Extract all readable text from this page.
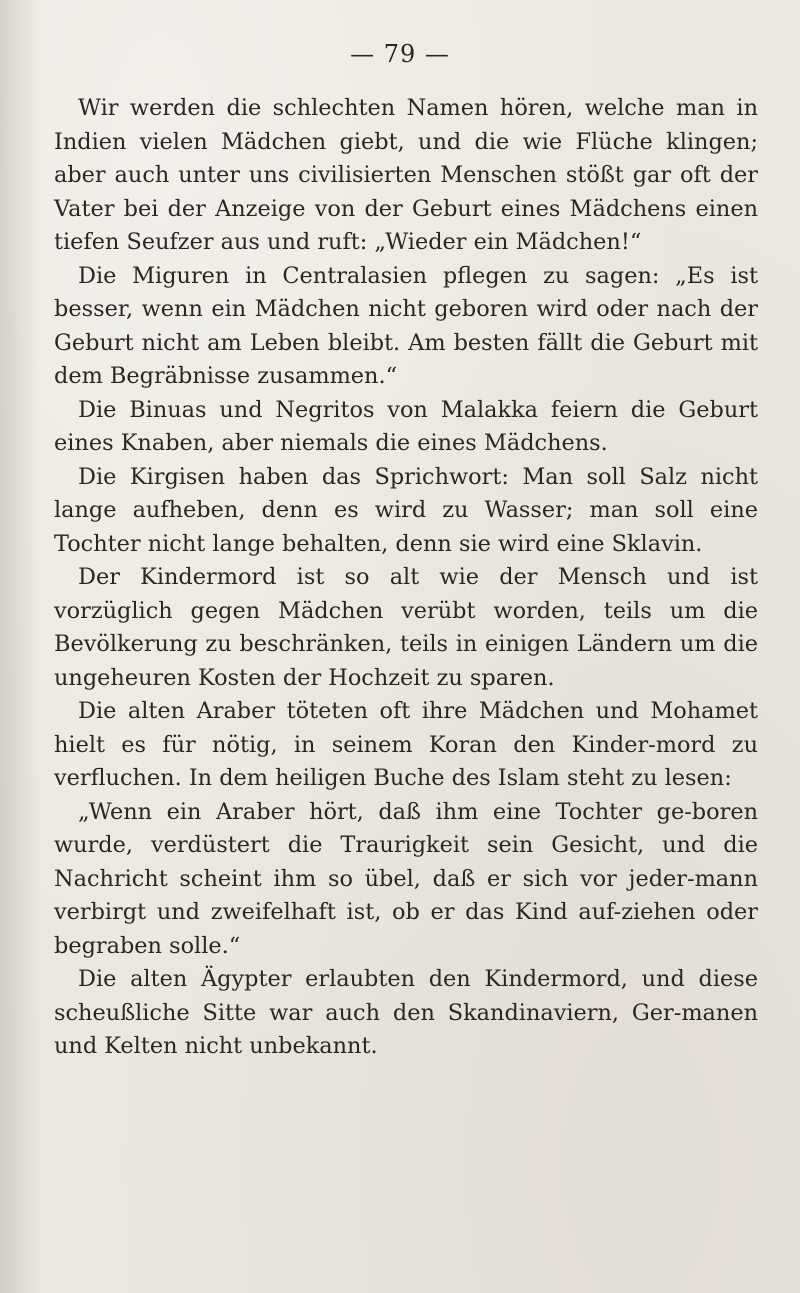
— 79 —

Wir werden die schlechten Namen hören, welche man in Indien vielen Mädchen giebt, und die wie Flüche klingen; aber auch unter uns civilisierten Menschen stößt gar oft der Vater bei der Anzeige von der Geburt eines Mädchens einen tiefen Seufzer aus und ruft: „Wieder ein Mädchen!“

Die Miguren in Centralasien pflegen zu sagen: „Es ist besser, wenn ein Mädchen nicht geboren wird oder nach der Geburt nicht am Leben bleibt. Am besten fällt die Geburt mit dem Begräbnisse zusammen.“

Die Binuas und Negritos von Malakka feiern die Geburt eines Knaben, aber niemals die eines Mädchens.

Die Kirgisen haben das Sprichwort: Man soll Salz nicht lange aufheben, denn es wird zu Wasser; man soll eine Tochter nicht lange behalten, denn sie wird eine Sklavin.

Der Kindermord ist so alt wie der Mensch und ist vorzüglich gegen Mädchen verübt worden, teils um die Bevölkerung zu beschränken, teils in einigen Ländern um die ungeheuren Kosten der Hochzeit zu sparen.

Die alten Araber töteten oft ihre Mädchen und Mohamet hielt es für nötig, in seinem Koran den Kinder-mord zu verfluchen. In dem heiligen Buche des Islam steht zu lesen:

„Wenn ein Araber hört, daß ihm eine Tochter ge-boren wurde, verdüstert die Traurigkeit sein Gesicht, und die Nachricht scheint ihm so übel, daß er sich vor jeder-mann verbirgt und zweifelhaft ist, ob er das Kind auf-ziehen oder begraben solle.“

Die alten Ägypter erlaubten den Kindermord, und diese scheußliche Sitte war auch den Skandinaviern, Ger-manen und Kelten nicht unbekannt.
